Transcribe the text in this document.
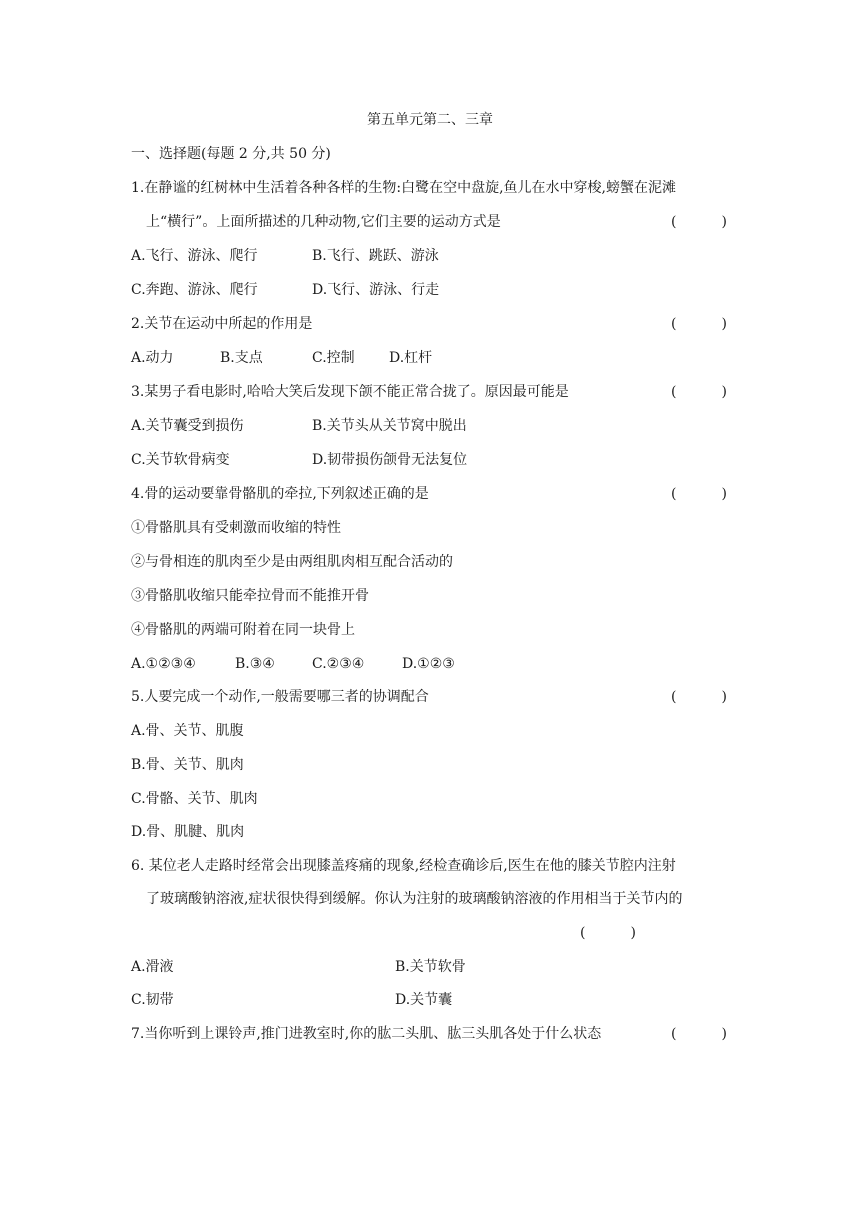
第五单元第二、三章
一、选择题(每题 2 分,共 50 分)
1.在静谧的红树林中生活着各种各样的生物:白鹭在空中盘旋,鱼儿在水中穿梭,螃蟹在泥滩
上“横行”。上面所描述的几种动物,它们主要的运动方式是	(	)
A.飞行、游泳、爬行	B.飞行、跳跃、游泳
C.奔跑、游泳、爬行	D.飞行、游泳、行走
2.关节在运动中所起的作用是	(	)
A.动力	B.支点	C.控制 D.杠杆
3.某男子看电影时,哈哈大笑后发现下颌不能正常合拢了。原因最可能是	(	)
A.关节囊受到损伤	B.关节头从关节窝中脱出
C.关节软骨病变	D.韧带损伤颌骨无法复位
4.骨的运动要靠骨骼肌的牵拉,下列叙述正确的是	(	)
①骨骼肌具有受刺激而收缩的特性
②与骨相连的肌肉至少是由两组肌肉相互配合活动的
③骨骼肌收缩只能牵拉骨而不能推开骨
④骨骼肌的两端可附着在同一块骨上
A.①②③④	B.③④	C.②③④	D.①②③
5.人要完成一个动作,一般需要哪三者的协调配合	(	)
A.骨、关节、肌腹
B.骨、关节、肌肉
C.骨骼、关节、肌肉
D.骨、肌腱、肌肉
6. 某位老人走路时经常会出现膝盖疼痛的现象,经检查确诊后,医生在他的膝关节腔内注射
了玻璃酸钠溶液,症状很快得到缓解。你认为注射的玻璃酸钠溶液的作用相当于关节内的
(	)
A.滑液	B.关节软骨
C.韧带	D.关节囊
7.当你听到上课铃声,推门进教室时,你的肱二头肌、肱三头肌各处于什么状态	(	)
